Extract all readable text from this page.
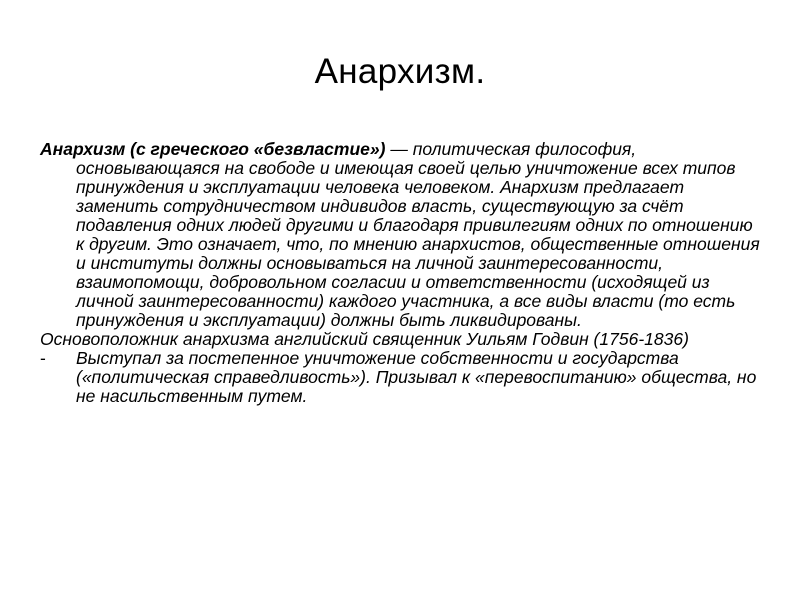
Анархизм.

Анархизм (с греческого «безвластие») — политическая философия, основывающаяся на свободе и имеющая своей целью уничтожение всех типов принуждения и эксплуатации человека человеком. Анархизм предлагает заменить сотрудничеством индивидов власть, существующую за счёт подавления одних людей другими и благодаря привилегиям одних по отношению к другим. Это означает, что, по мнению анархистов, общественные отношения и институты должны основываться на личной заинтересованности, взаимопомощи, добровольном согласии и ответственности (исходящей из личной заинтересованности) каждого участника, а все виды власти (то есть принуждения и эксплуатации) должны быть ликвидированы.

Основоположник анархизма английский священник Уильям Годвин (1756-1836)

- Выступал за постепенное уничтожение собственности и государства («политическая справедливость»). Призывал к «перевоспитанию» общества, но не насильственным путем.
